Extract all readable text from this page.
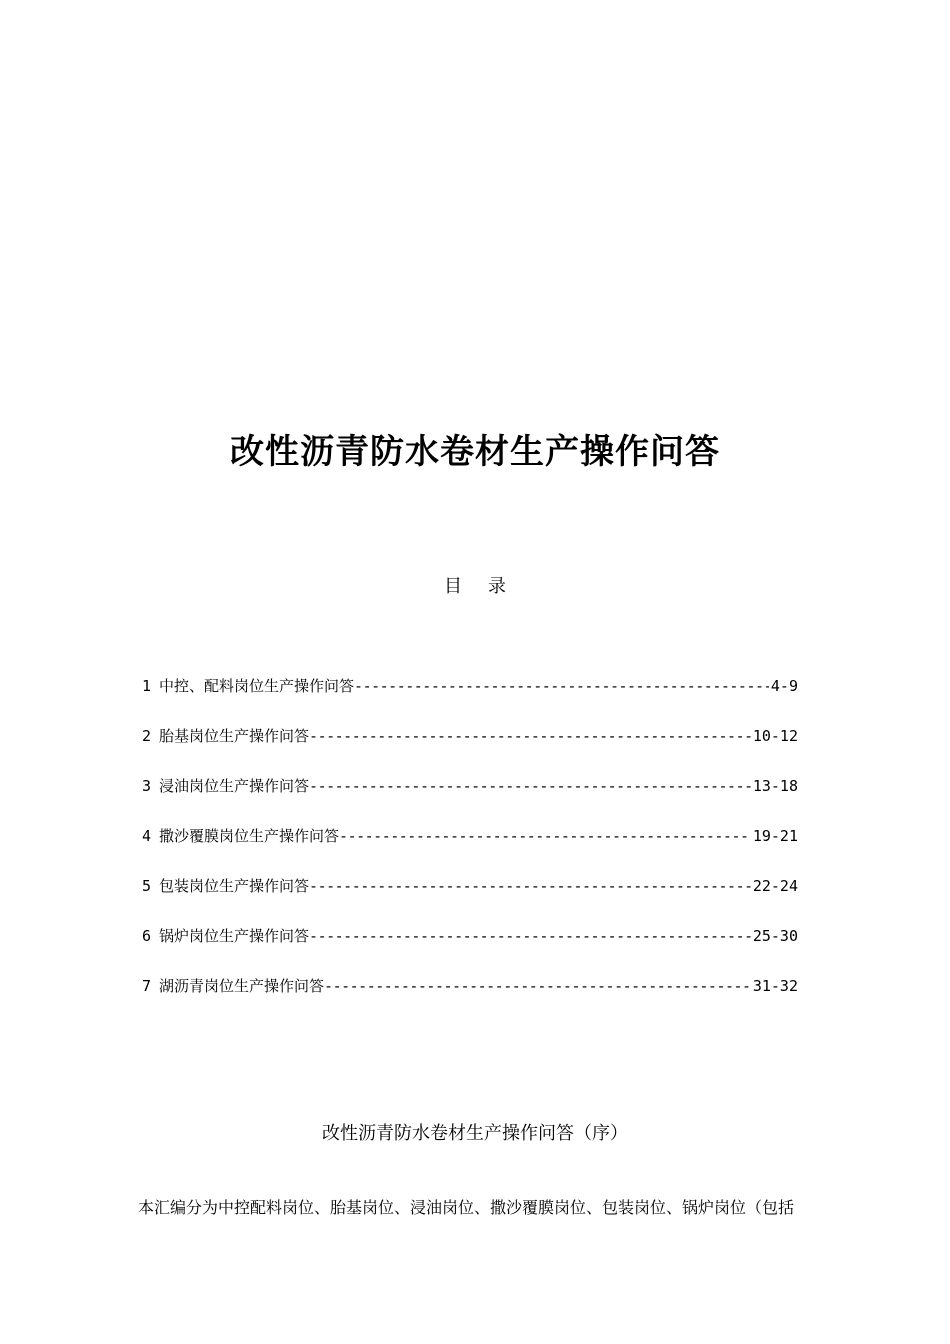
改性沥青防水卷材生产操作问答
目 录
1 中控、配料岗位生产操作问答 -----	4-9
2 胎基岗位生产操作问答 -----	10-12
3 浸油岗位生产操作问答 -----	13-18
4 撒沙覆膜岗位生产操作问答 -----	19-21
5 包装岗位生产操作问答 -----	22-24
6 锅炉岗位生产操作问答 -----	25-30
7 湖沥青岗位生产操作问答 -----	31-32
改性沥青防水卷材生产操作问答（序）
本汇编分为中控配料岗位、胎基岗位、浸油岗位、撒沙覆膜岗位、包装岗位、锅炉岗位（包括
